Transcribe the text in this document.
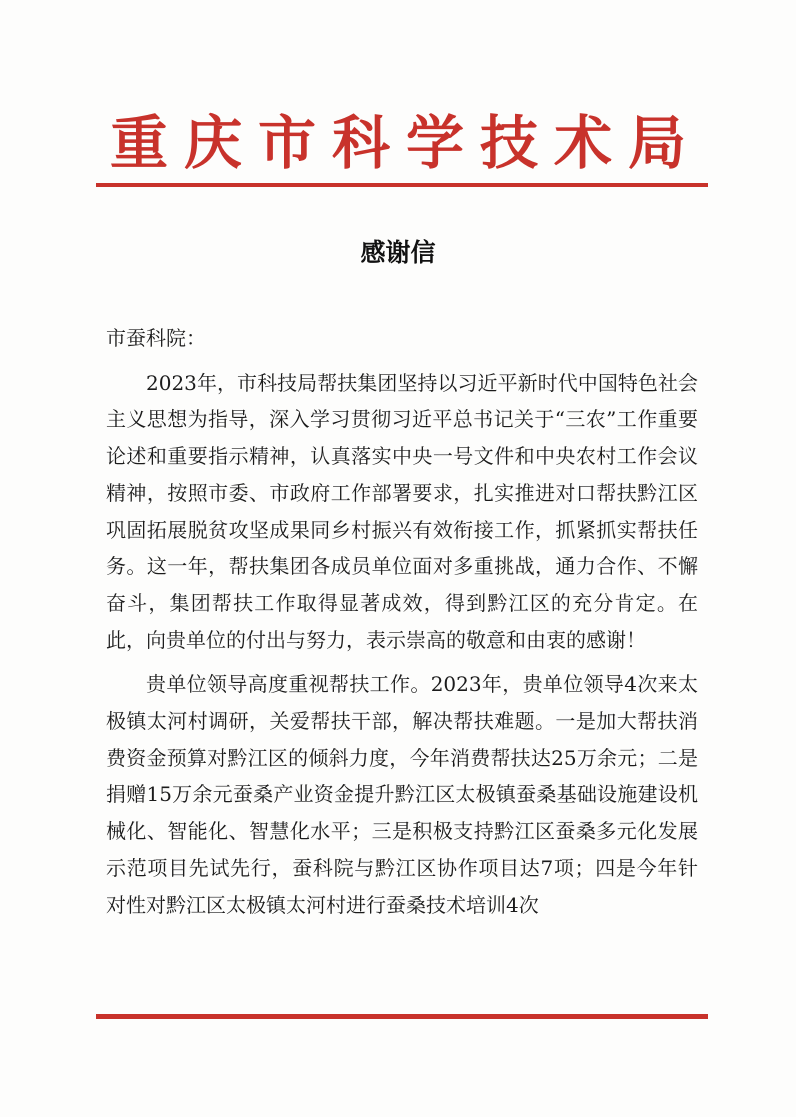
重庆市科学技术局
感谢信

市蚕科院：

2023年，市科技局帮扶集团坚持以习近平新时代中国特色社会主义思想为指导，深入学习贯彻习近平总书记关于“三农”工作重要论述和重要指示精神，认真落实中央一号文件和中央农村工作会议精神，按照市委、市政府工作部署要求，扎实推进对口帮扶黔江区巩固拓展脱贫攻坚成果同乡村振兴有效衔接工作，抓紧抓实帮扶任务。这一年，帮扶集团各成员单位面对多重挑战，通力合作、不懈奋斗，集团帮扶工作取得显著成效，得到黔江区的充分肯定。在此，向贵单位的付出与努力，表示崇高的敬意和由衷的感谢！

贵单位领导高度重视帮扶工作。2023年，贵单位领导4次来太极镇太河村调研，关爱帮扶干部，解决帮扶难题。一是加大帮扶消费资金预算对黔江区的倾斜力度，今年消费帮扶达25万余元；二是捐赠15万余元蚕桑产业资金提升黔江区太极镇蚕桑基础设施建设机械化、智能化、智慧化水平；三是积极支持黔江区蚕桑多元化发展示范项目先试先行，蚕科院与黔江区协作项目达7项；四是今年针对性对黔江区太极镇太河村进行蚕桑技术培训4次
